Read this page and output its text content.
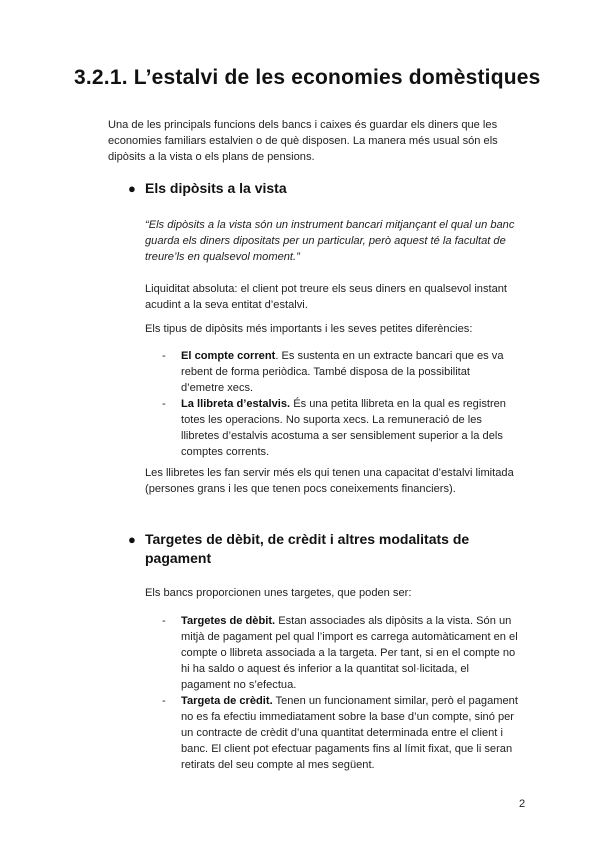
3.2.1. L’estalvi de les economies domèstiques

Una de les principals funcions dels bancs i caixes és guardar els diners que les economies familiars estalvien o de què disposen. La manera més usual són els dipòsits a la vista o els plans de pensions.

● Els dipòsits a la vista

“Els dipòsits a la vista són un instrument bancari mitjançant el qual un banc guarda els diners dipositats per un particular, però aquest té la facultat de treure’ls en qualsevol moment.”

Liquiditat absoluta: el client pot treure els seus diners en qualsevol instant acudint a la seva entitat d’estalvi.

Els tipus de dipòsits més importants i les seves petites diferències:

- El compte corrent. Es sustenta en un extracte bancari que es va rebent de forma periòdica. També disposa de la possibilitat d’emetre xecs.
- La llibreta d’estalvis. És una petita llibreta en la qual es registren totes les operacions. No suporta xecs. La remuneració de les llibretes d’estalvis acostuma a ser sensiblement superior a la dels comptes corrents.

Les llibretes les fan servir més els qui tenen una capacitat d’estalvi limitada (persones grans i les que tenen pocs coneixements financiers).

● Targetes de dèbit, de crèdit i altres modalitats de pagament

Els bancs proporcionen unes targetes, que poden ser:

- Targetes de dèbit. Estan associades als dipòsits a la vista. Són un mitjà de pagament pel qual l’import es carrega automàticament en el compte o llibreta associada a la targeta. Per tant, si en el compte no hi ha saldo o aquest és inferior a la quantitat sol·licitada, el pagament no s’efectua.
- Targeta de crèdit. Tenen un funcionament similar, però el pagament no es fa efectiu immediatament sobre la base d’un compte, sinó per un contracte de crèdit d’una quantitat determinada entre el client i banc. El client pot efectuar pagaments fins al límit fixat, que li seran retirats del seu compte al mes següent.
2
